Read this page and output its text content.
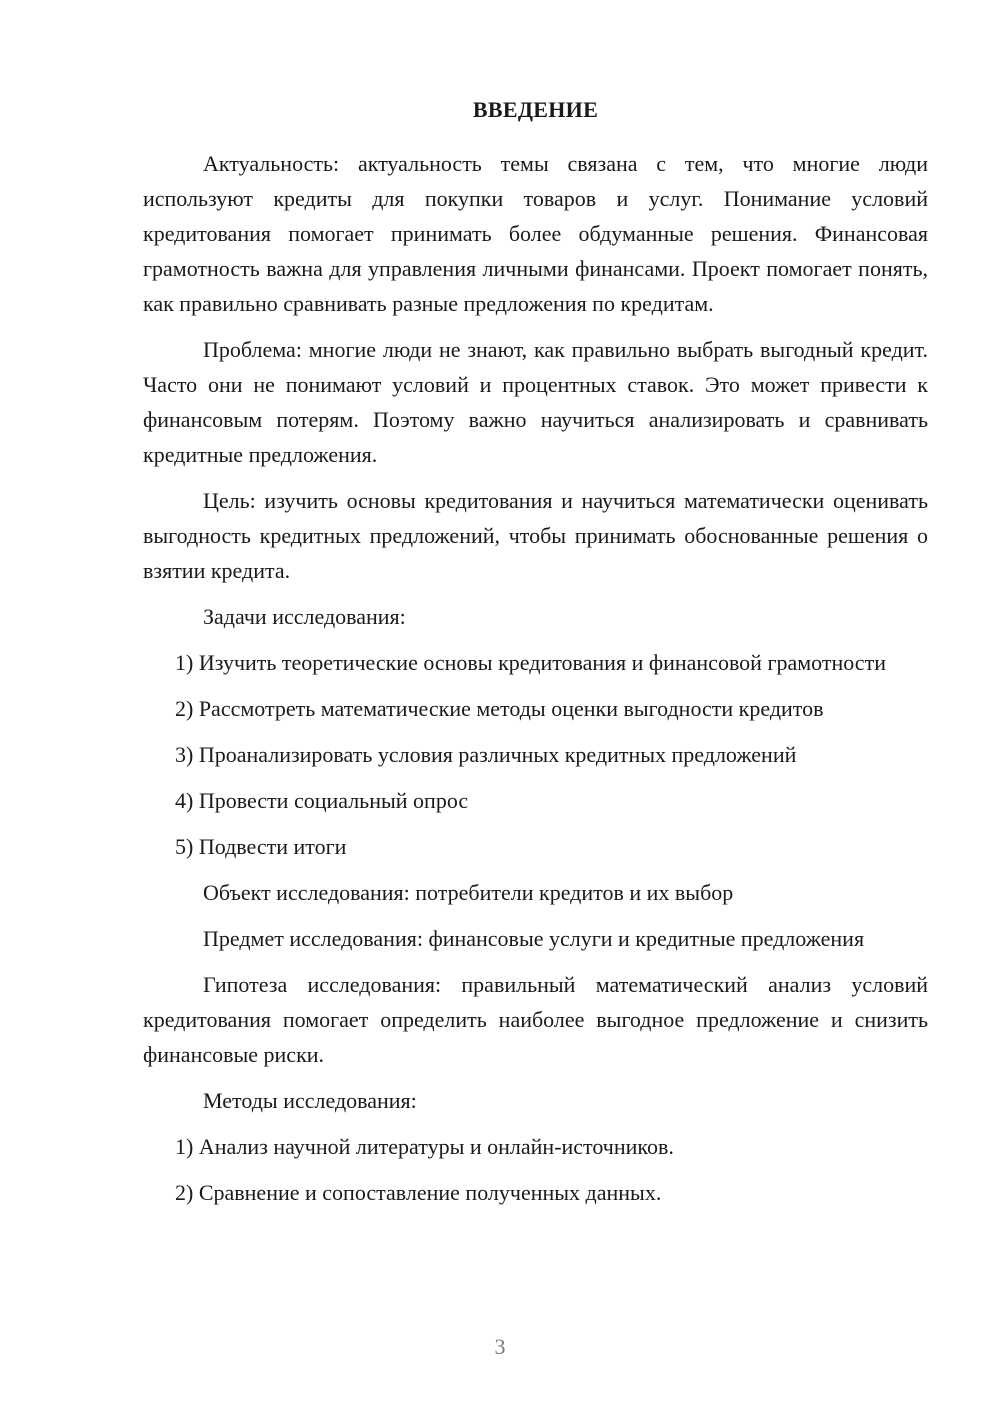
ВВЕДЕНИЕ

Актуальность: актуальность темы связана с тем, что многие люди используют кредиты для покупки товаров и услуг. Понимание условий кредитования помогает принимать более обдуманные решения. Финансовая грамотность важна для управления личными финансами. Проект помогает понять, как правильно сравнивать разные предложения по кредитам.

Проблема: многие люди не знают, как правильно выбрать выгодный кредит. Часто они не понимают условий и процентных ставок. Это может привести к финансовым потерям. Поэтому важно научиться анализировать и сравнивать кредитные предложения.

Цель: изучить основы кредитования и научиться математически оценивать выгодность кредитных предложений, чтобы принимать обоснованные решения о взятии кредита.

Задачи исследования:

1) Изучить теоретические основы кредитования и финансовой грамотности

2) Рассмотреть математические методы оценки выгодности кредитов

3) Проанализировать условия различных кредитных предложений

4) Провести социальный опрос

5) Подвести итоги

Объект исследования: потребители кредитов и их выбор

Предмет исследования: финансовые услуги и кредитные предложения

Гипотеза исследования: правильный математический анализ условий кредитования помогает определить наиболее выгодное предложение и снизить финансовые риски.

Методы исследования:

1) Анализ научной литературы и онлайн-источников.

2) Сравнение и сопоставление полученных данных.

3
